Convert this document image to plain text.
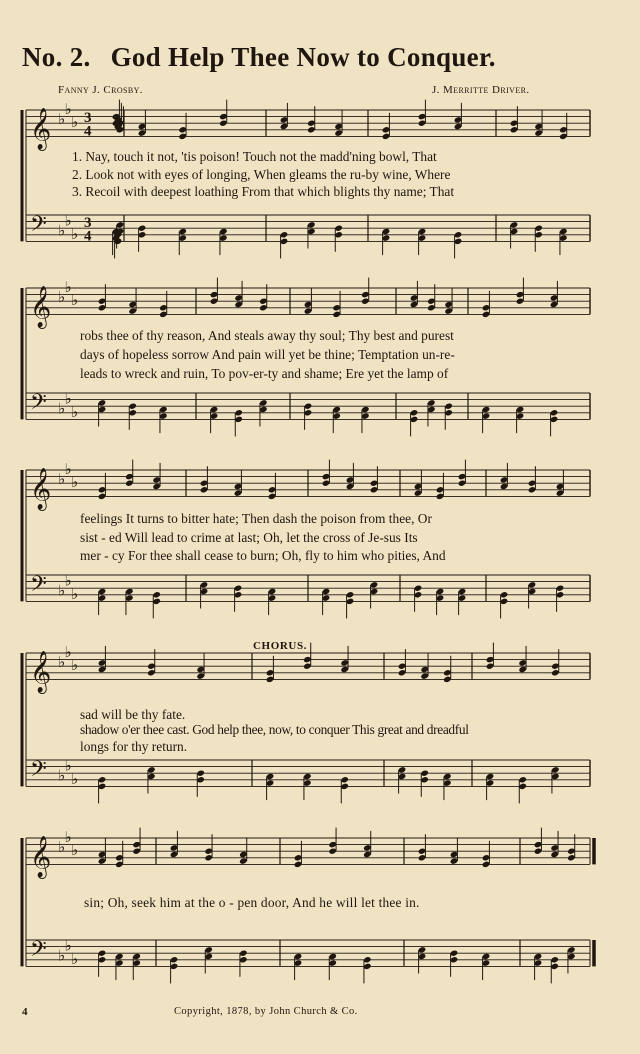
No. 2. God Help Thee Now to Conquer.
Fanny J. Crosby.	J. Merritte Driver.
𝄞
𝄢
♭
♭
♭
♭
♭
♭
3
4
3
4
𝄞
𝄢
♭
♭
♭
♭
♭
♭
𝄞
𝄢
♭
♭
♭
♭
♭
♭
𝄞
𝄢
♭
♭
♭
♭
♭
♭
𝄞
𝄢
♭
♭
♭
♭
♭
♭
CHORUS.
1. Nay, touch it not, 'tis poison! Touch not the madd'ning bowl, That
2. Look not with eyes of longing, When gleams the ru-by wine, Where
3. Recoil with deepest loathing From that which blights thy name; That
robs thee of thy reason, And steals away thy soul; Thy best and purest
days of hopeless sorrow And pain will yet be thine; Temptation un-re-
leads to wreck and ruin, To pov-er-ty and shame; Ere yet the lamp of
feelings It turns to bitter hate; Then dash the poison from thee, Or
sist - ed Will lead to crime at last; Oh, let the cross of Je-sus Its
mer - cy For thee shall cease to burn; Oh, fly to him who pities, And
sad will be thy fate.
shadow o'er thee cast. God help thee, now, to conquer This great and dreadful
longs for thy return.
sin; Oh, seek him at the o - pen door, And he will let thee in.
4	Copyright, 1878, by John Church & Co.
